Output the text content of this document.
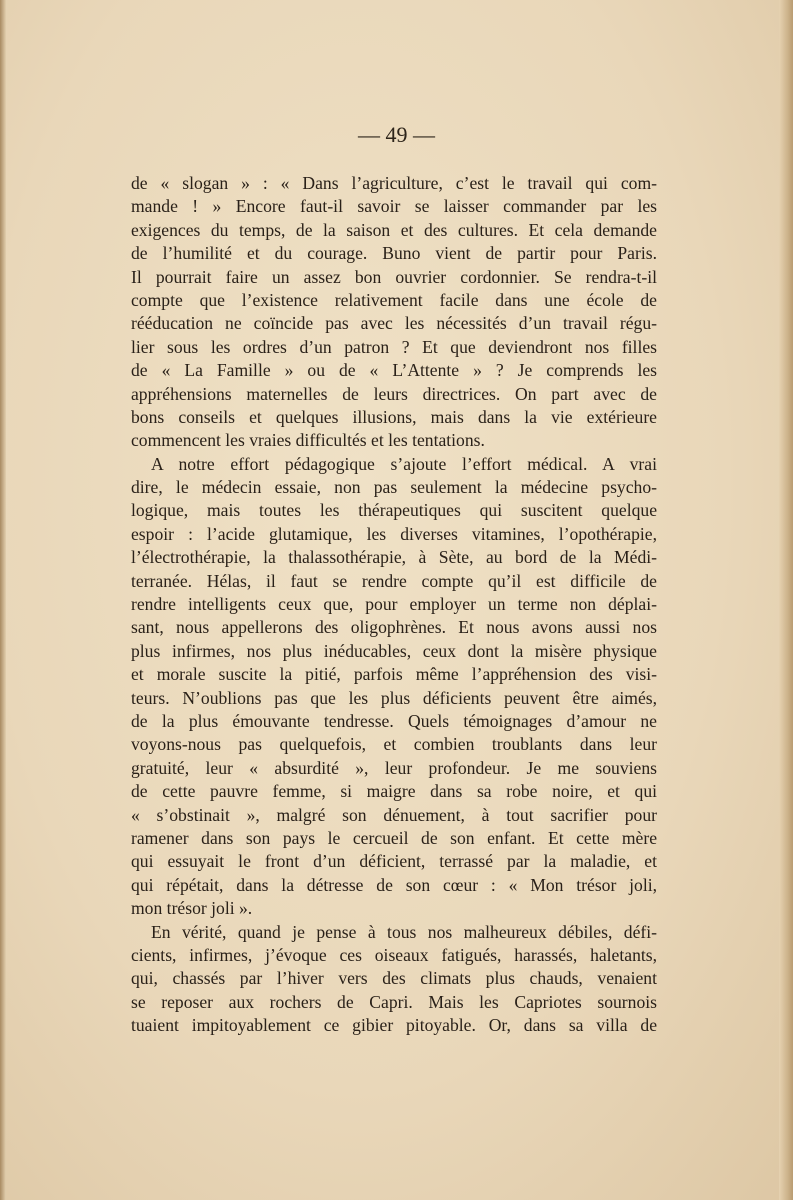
— 49 —
de « slogan » : « Dans l’agriculture, c’est le travail qui com-
mande ! » Encore faut-il savoir se laisser commander par les
exigences du temps, de la saison et des cultures. Et cela demande
de l’humilité et du courage. Buno vient de partir pour Paris.
Il pourrait faire un assez bon ouvrier cordonnier. Se rendra-t-il
compte que l’existence relativement facile dans une école de
rééducation ne coïncide pas avec les nécessités d’un travail régu-
lier sous les ordres d’un patron ? Et que deviendront nos filles
de « La Famille » ou de « L’Attente » ? Je comprends les
appréhensions maternelles de leurs directrices. On part avec de
bons conseils et quelques illusions, mais dans la vie extérieure
commencent les vraies difficultés et les tentations.
A notre effort pédagogique s’ajoute l’effort médical. A vrai
dire, le médecin essaie, non pas seulement la médecine psycho-
logique, mais toutes les thérapeutiques qui suscitent quelque
espoir : l’acide glutamique, les diverses vitamines, l’opothérapie,
l’électrothérapie, la thalassothérapie, à Sète, au bord de la Médi-
terranée. Hélas, il faut se rendre compte qu’il est difficile de
rendre intelligents ceux que, pour employer un terme non déplai-
sant, nous appellerons des oligophrènes. Et nous avons aussi nos
plus infirmes, nos plus inéducables, ceux dont la misère physique
et morale suscite la pitié, parfois même l’appréhension des visi-
teurs. N’oublions pas que les plus déficients peuvent être aimés,
de la plus émouvante tendresse. Quels témoignages d’amour ne
voyons-nous pas quelquefois, et combien troublants dans leur
gratuité, leur « absurdité », leur profondeur. Je me souviens
de cette pauvre femme, si maigre dans sa robe noire, et qui
« s’obstinait », malgré son dénuement, à tout sacrifier pour
ramener dans son pays le cercueil de son enfant. Et cette mère
qui essuyait le front d’un déficient, terrassé par la maladie, et
qui répétait, dans la détresse de son cœur : « Mon trésor joli,
mon trésor joli ».
En vérité, quand je pense à tous nos malheureux débiles, défi-
cients, infirmes, j’évoque ces oiseaux fatigués, harassés, haletants,
qui, chassés par l’hiver vers des climats plus chauds, venaient
se reposer aux rochers de Capri. Mais les Capriotes sournois
tuaient impitoyablement ce gibier pitoyable. Or, dans sa villa de
